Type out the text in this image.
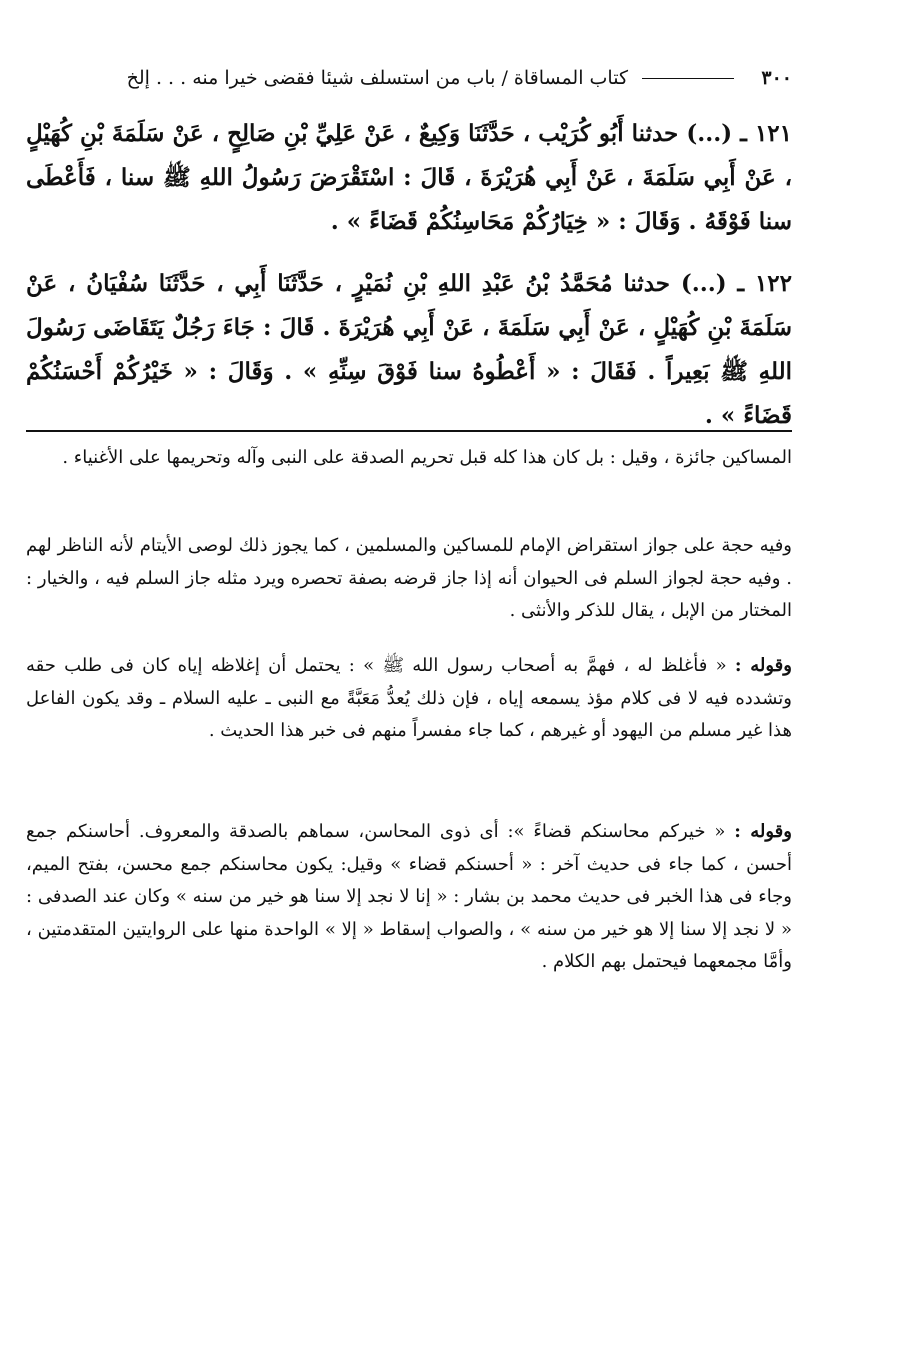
٣٠٠
كتاب المساقاة / باب من استسلف شيئا فقضى خيرا منه . . . إلخ

١٢١ ـ (...) حدثنا أَبُو كُرَيْب ، حَدَّثَنَا وَكِيعٌ ، عَنْ عَلِيِّ بْنِ صَالِحٍ ، عَنْ سَلَمَةَ بْنِ كُهَيْلٍ ، عَنْ أَبِي سَلَمَةَ ، عَنْ أَبِي هُرَيْرَةَ ، قَالَ : اسْتَقْرَضَ رَسُولُ اللهِ ﷺ سنا ، فَأَعْطَى سنا فَوْقَهُ . وَقَالَ : « خِيَارُكُمْ مَحَاسِنُكُمْ قَضَاءً » .

١٢٢ ـ (...) حدثنا مُحَمَّدُ بْنُ عَبْدِ اللهِ بْنِ نُمَيْرٍ ، حَدَّثَنَا أَبِي ، حَدَّثَنَا سُفْيَانُ ، عَنْ سَلَمَةَ بْنِ كُهَيْلٍ ، عَنْ أَبِي سَلَمَةَ ، عَنْ أَبِي هُرَيْرَةَ . قَالَ : جَاءَ رَجُلٌ يَتَقَاضَى رَسُولَ اللهِ ﷺ بَعِيراً . فَقَالَ : « أَعْطُوهُ سنا فَوْقَ سِنِّهِ » . وَقَالَ : « خَيْرُكُمْ أَحْسَنُكُمْ قَضَاءً » .

المساكين جائزة ، وقيل : بل كان هذا كله قبل تحريم الصدقة على النبى وآله وتحريمها على الأغنياء .

وفيه حجة على جواز استقراض الإمام للمساكين والمسلمين ، كما يجوز ذلك لوصى الأيتام لأنه الناظر لهم . وفيه حجة لجواز السلم فى الحيوان أنه إذا جاز قرضه بصفة تحصره ويرد مثله جاز السلم فيه ، والخيار : المختار من الإبل ، يقال للذكر والأنثى .

وقوله : « فأغلظ له ، فهمَّ به أصحاب رسول الله ﷺ » : يحتمل أن إغلاظه إياه كان فى طلب حقه وتشدده فيه لا فى كلام مؤذ يسمعه إياه ، فإن ذلك يُعدُّ مَعَبَّةً مع النبى ـ عليه السلام ـ وقد يكون الفاعل هذا غير مسلم من اليهود أو غيرهم ، كما جاء مفسراً منهم فى خبر هذا الحديث .

وقوله : « خيركم محاسنكم قضاءً »: أى ذوى المحاسن، سماهم بالصدقة والمعروف. أحاسنكم جمع أحسن ، كما جاء فى حديث آخر : « أحسنكم قضاء » وقيل: يكون محاسنكم جمع محسن، بفتح الميم، وجاء فى هذا الخبر فى حديث محمد بن بشار : « إنا لا نجد إلا سنا هو خير من سنه » وكان عند الصدفى : « لا نجد إلا سنا إلا هو خير من سنه » ، والصواب إسقاط « إلا » الواحدة منها على الروايتين المتقدمتين ، وأمَّا مجمعهما فيحتمل بهم الكلام .
